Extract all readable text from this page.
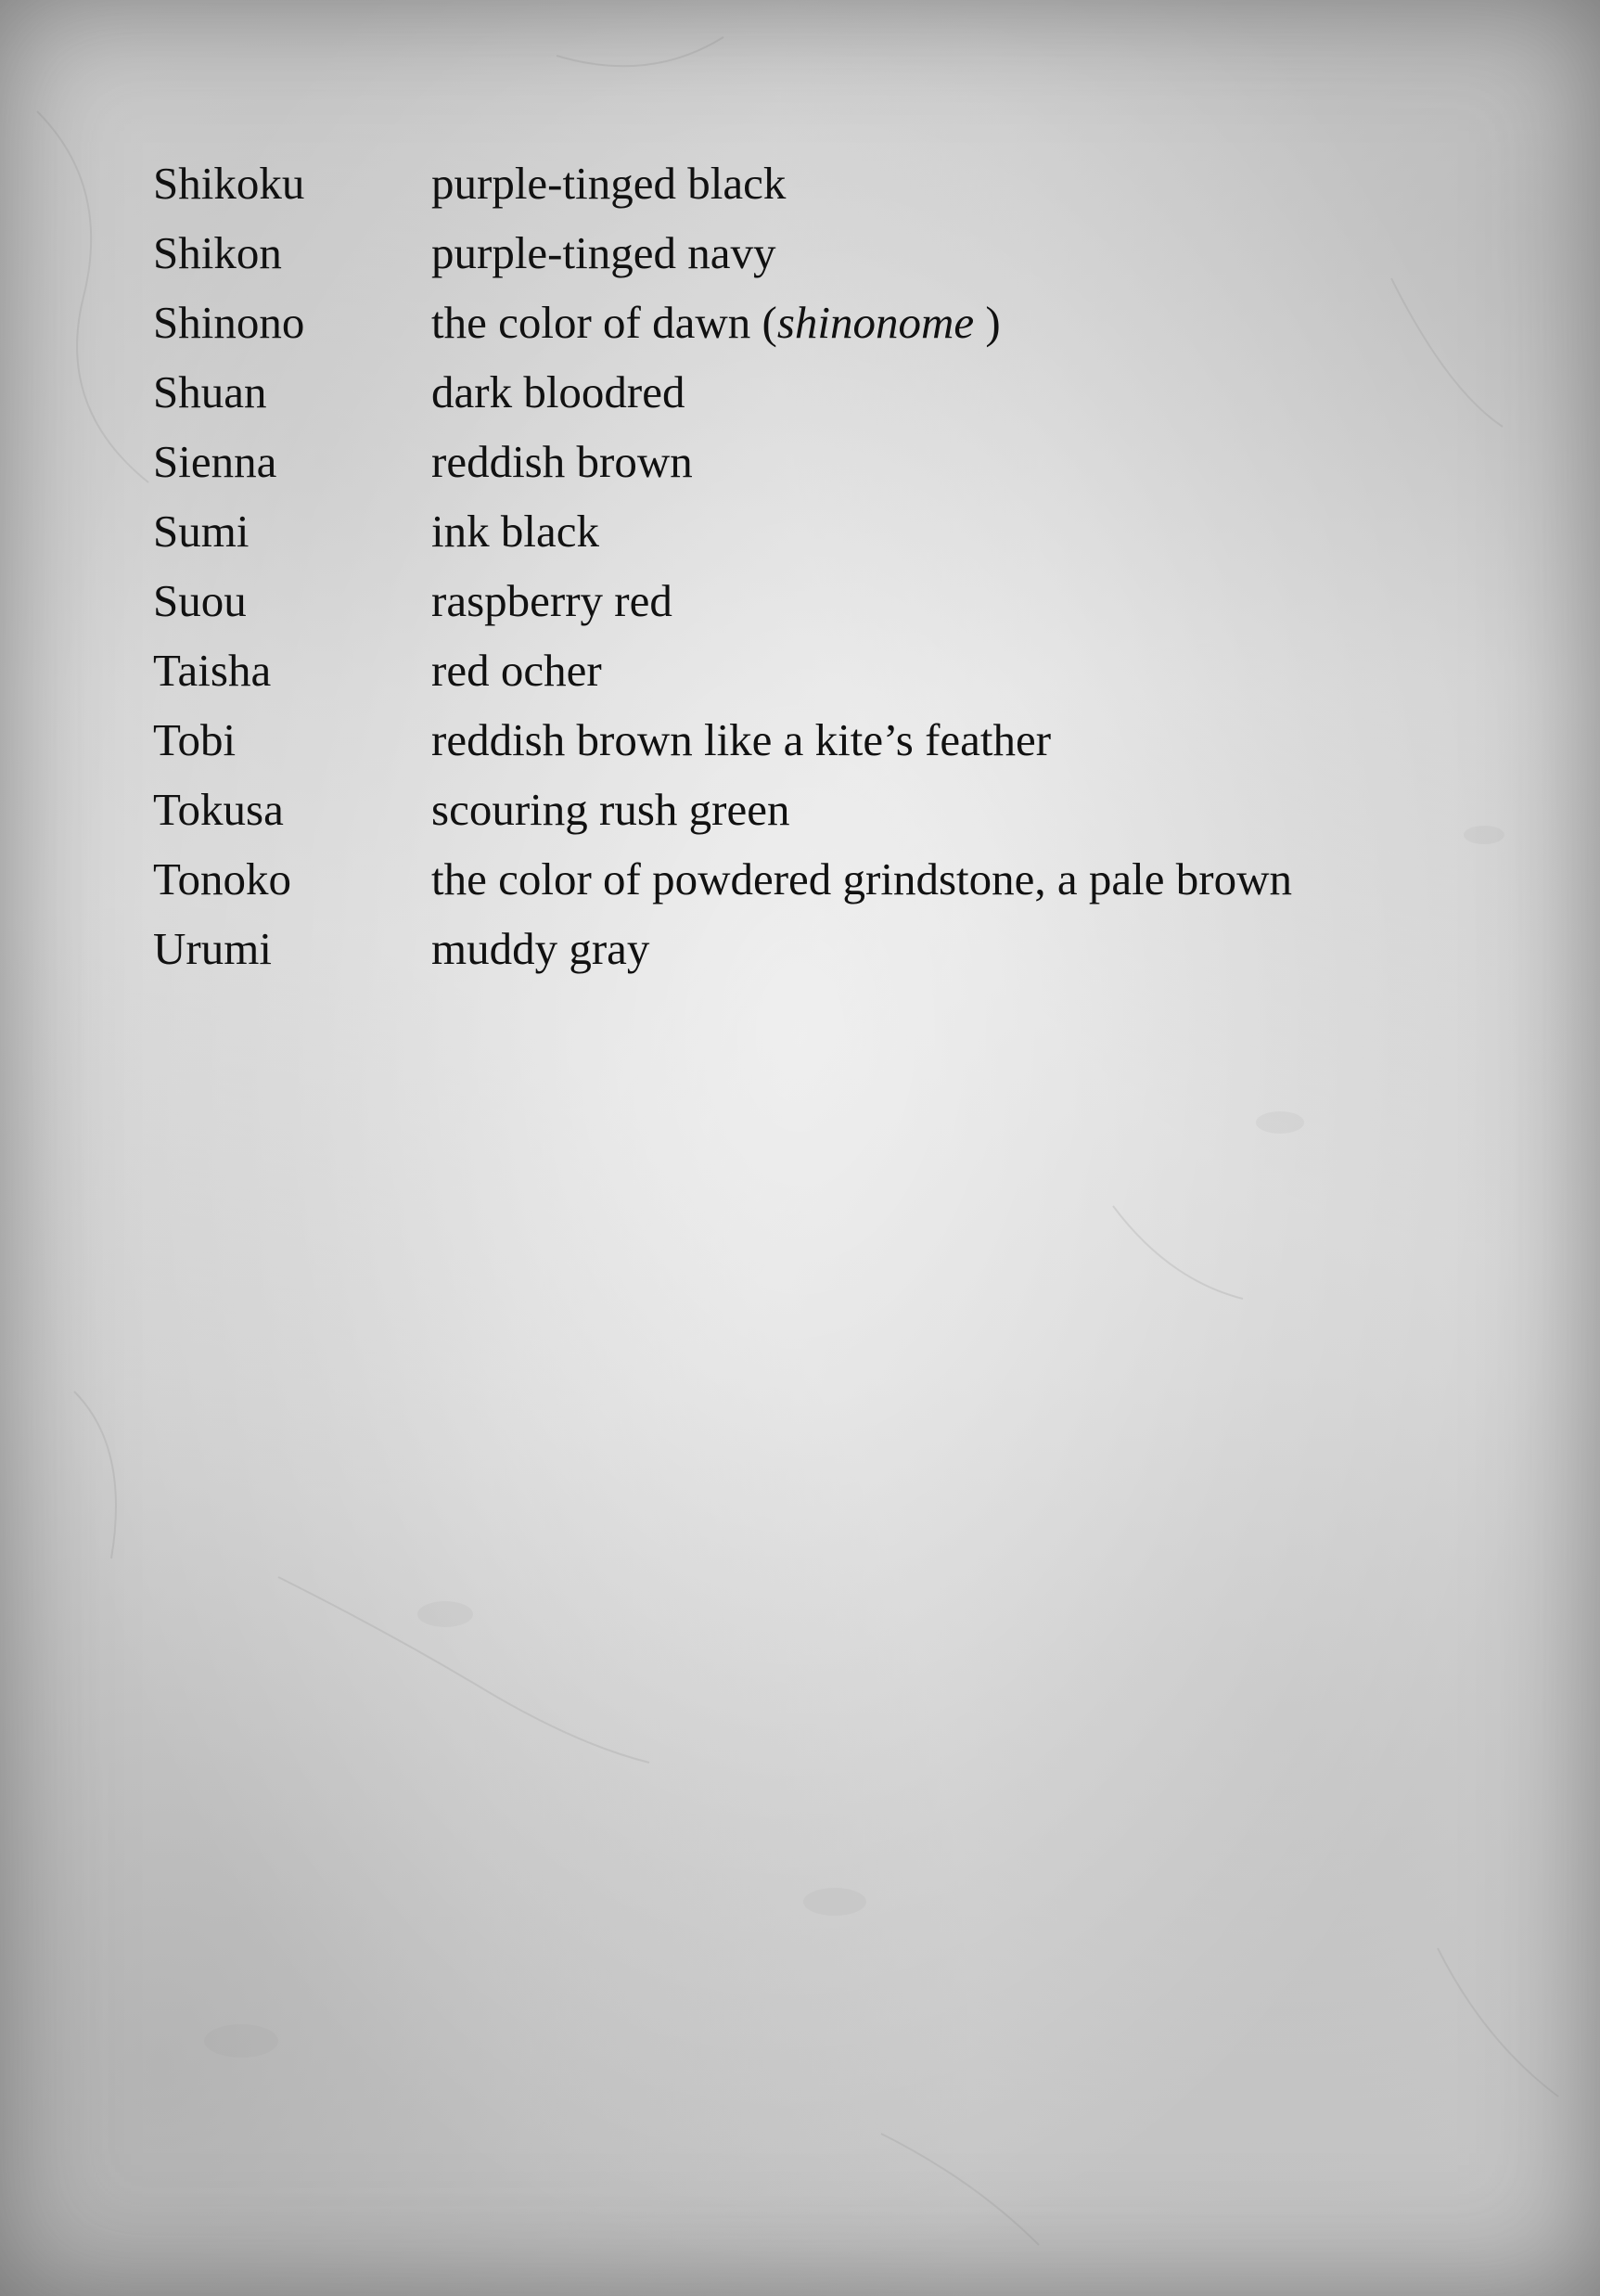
Shikoku	purple-tinged black
Shikon	purple-tinged navy
Shinono	the color of dawn (shinonome )
Shuan	dark bloodred
Sienna	reddish brown
Sumi	ink black
Suou	raspberry red
Taisha	red ocher
Tobi	reddish brown like a kite’s feather
Tokusa	scouring rush green
Tonoko	the color of powdered grindstone, a pale brown
Urumi	muddy gray
